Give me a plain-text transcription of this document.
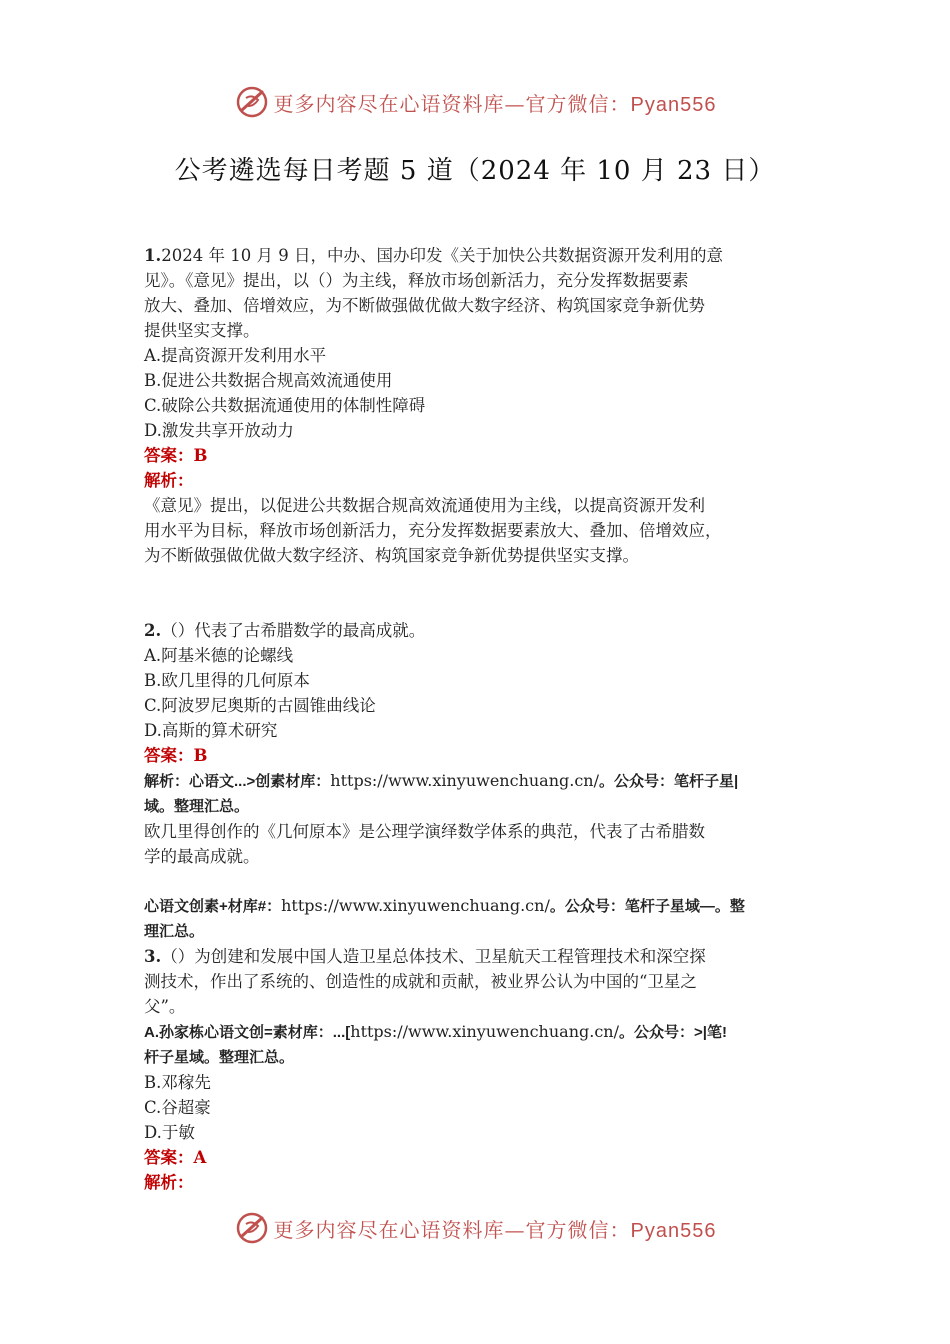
更多内容尽在心语资料库—官方微信：Pyan556
公考遴选每日考题 5 道（2024 年 10 月 23 日）

1.2024 年 10 月 9 日，中办、国办印发《关于加快公共数据资源开发利用的意

见》。《意见》提出，以（）为主线，释放市场创新活力，充分发挥数据要素

放大、叠加、倍增效应，为不断做强做优做大数字经济、构筑国家竞争新优势

提供坚实支撑。

A.提高资源开发利用水平

B.促进公共数据合规高效流通使用

C.破除公共数据流通使用的体制性障碍

D.激发共享开放动力

答案：B

解析：

《意见》提出，以促进公共数据合规高效流通使用为主线，以提高资源开发利

用水平为目标，释放市场创新活力，充分发挥数据要素放大、叠加、倍增效应，

为不断做强做优做大数字经济、构筑国家竞争新优势提供坚实支撑。

2.（）代表了古希腊数学的最高成就。

A.阿基米德的论螺线

B.欧几里得的几何原本

C.阿波罗尼奥斯的古圆锥曲线论

D.高斯的算术研究

答案：B

解析：心语文...>创素材库：https://www.xinyuwenchuang.cn/。公众号：笔杆子星|

域。整理汇总。

欧几里得创作的《几何原本》是公理学演绎数学体系的典范，代表了古希腊数

学的最高成就。

心语文创素+材库#：https://www.xinyuwenchuang.cn/。公众号：笔杆子星域—。整

理汇总。

3.（）为创建和发展中国人造卫星总体技术、卫星航天工程管理技术和深空探

测技术，作出了系统的、创造性的成就和贡献，被业界公认为中国的“卫星之

父”。

A.孙家栋心语文创=素材库：...[https://www.xinyuwenchuang.cn/。公众号：>|笔!

杆子星域。整理汇总。

B.邓稼先

C.谷超豪

D.于敏

答案：A

解析：

更多内容尽在心语资料库—官方微信：Pyan556
